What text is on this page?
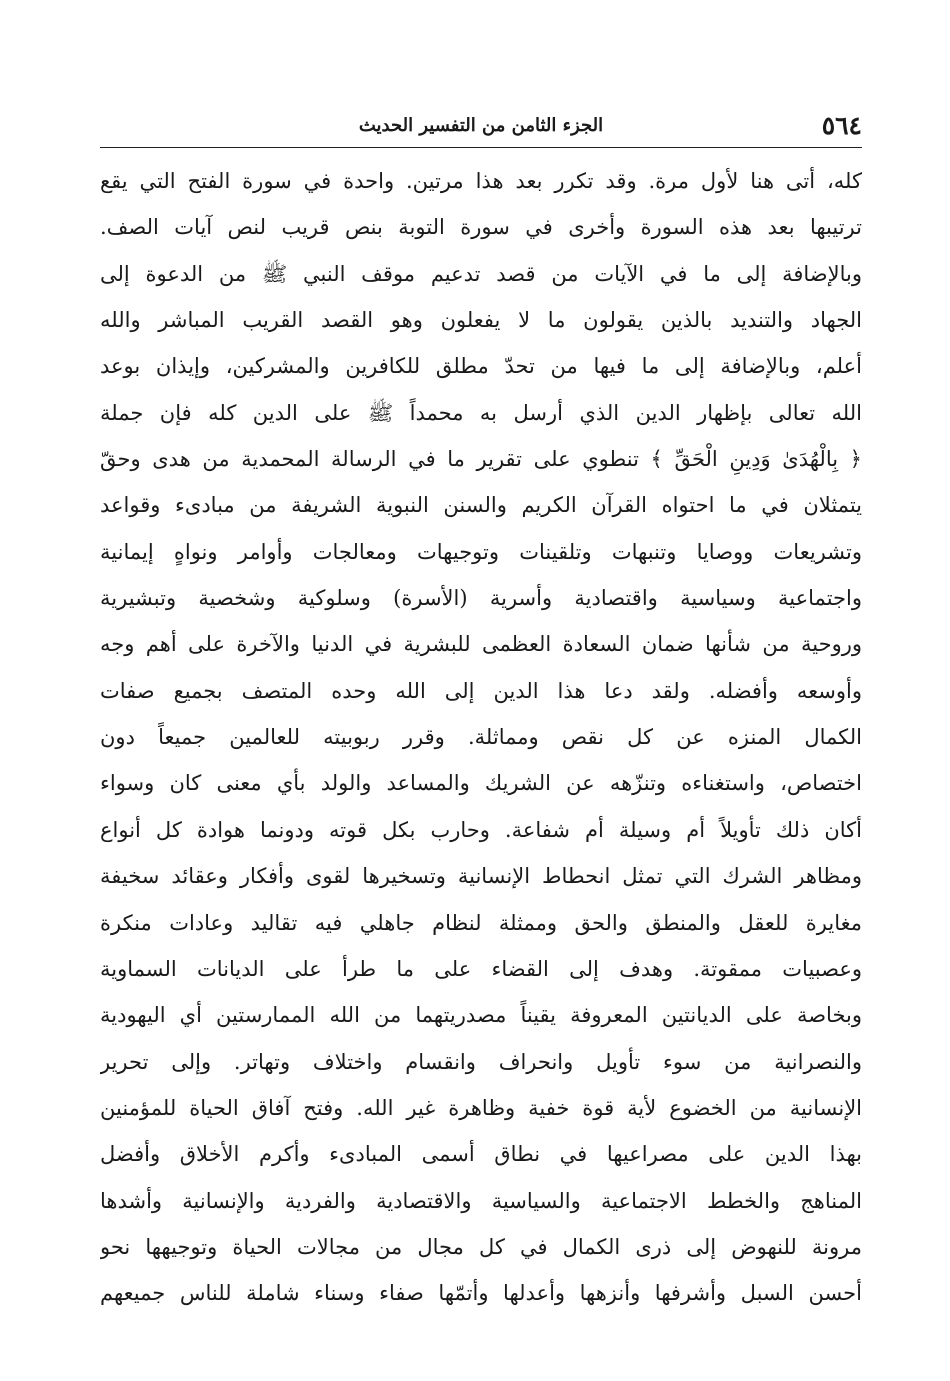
٥٦٤
الجزء الثامن من التفسير الحديث
كله، أتى هنا لأول مرة. وقد تكرر بعد هذا مرتين. واحدة في سورة الفتح التي يقع
ترتيبها بعد هذه السورة وأخرى في سورة التوبة بنص قريب لنص آيات الصف.
وبالإضافة إلى ما في الآيات من قصد تدعيم موقف النبي ﷺ من الدعوة إلى
الجهاد والتنديد بالذين يقولون ما لا يفعلون وهو القصد القريب المباشر والله
أعلم، وبالإضافة إلى ما فيها من تحدّ مطلق للكافرين والمشركين، وإيذان بوعد
الله تعالى بإظهار الدين الذي أرسل به محمداً ﷺ على الدين كله فإن جملة
﴿ بِالْهُدَىٰ وَدِينِ الْحَقِّ ﴾ تنطوي على تقرير ما في الرسالة المحمدية من هدى وحقّ
يتمثلان في ما احتواه القرآن الكريم والسنن النبوية الشريفة من مبادىء وقواعد
وتشريعات ووصايا وتنبهات وتلقينات وتوجيهات ومعالجات وأوامر ونواهٍ إيمانية
واجتماعية وسياسية واقتصادية وأسرية (الأسرة) وسلوكية وشخصية وتبشيرية
وروحية من شأنها ضمان السعادة العظمى للبشرية في الدنيا والآخرة على أهم وجه
وأوسعه وأفضله. ولقد دعا هذا الدين إلى الله وحده المتصف بجميع صفات
الكمال المنزه عن كل نقص ومماثلة. وقرر ربوبيته للعالمين جميعاً دون
اختصاص، واستغناءه وتنزّهه عن الشريك والمساعد والولد بأي معنى كان وسواء
أكان ذلك تأويلاً أم وسيلة أم شفاعة. وحارب بكل قوته ودونما هوادة كل أنواع
ومظاهر الشرك التي تمثل انحطاط الإنسانية وتسخيرها لقوى وأفكار وعقائد سخيفة
مغايرة للعقل والمنطق والحق وممثلة لنظام جاهلي فيه تقاليد وعادات منكرة
وعصبيات ممقوتة. وهدف إلى القضاء على ما طرأ على الديانات السماوية
وبخاصة على الديانتين المعروفة يقيناً مصدريتهما من الله الممارستين أي اليهودية
والنصرانية من سوء تأويل وانحراف وانقسام واختلاف وتهاتر. وإلى تحرير
الإنسانية من الخضوع لأية قوة خفية وظاهرة غير الله. وفتح آفاق الحياة للمؤمنين
بهذا الدين على مصراعيها في نطاق أسمى المبادىء وأكرم الأخلاق وأفضل
المناهج والخطط الاجتماعية والسياسية والاقتصادية والفردية والإنسانية وأشدها
مرونة للنهوض إلى ذرى الكمال في كل مجال من مجالات الحياة وتوجيهها نحو
أحسن السبل وأشرفها وأنزهها وأعدلها وأتمّها صفاء وسناء شاملة للناس جميعهم
